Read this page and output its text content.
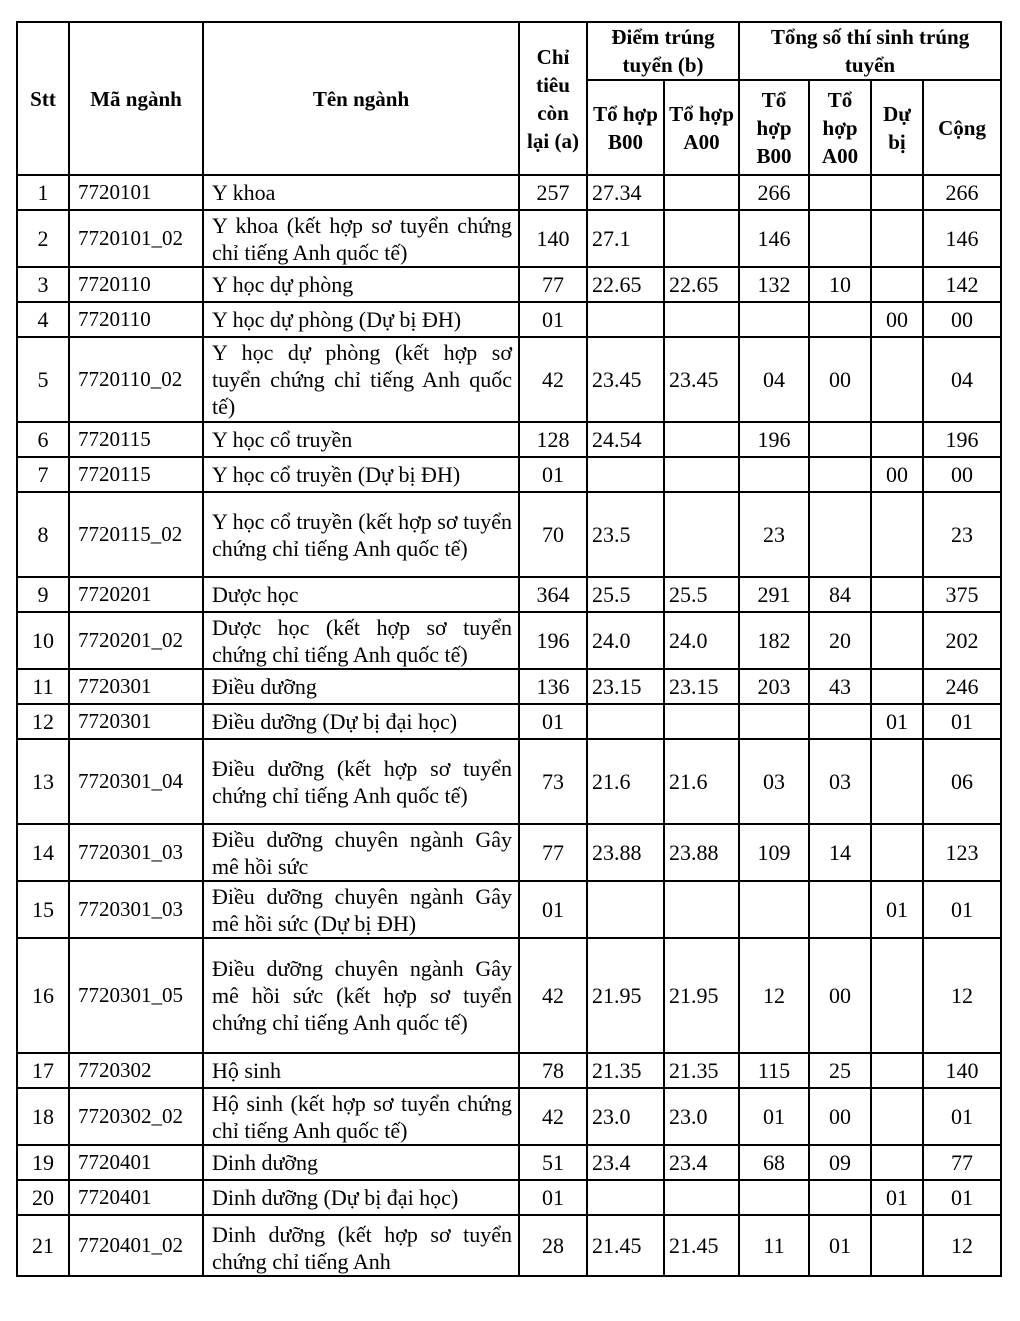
Stt	Mã ngành	Tên ngành	Chỉ tiêu còn lại (a)	Điểm trúng tuyển (b)		Tổng số thí sinh trúng tuyển			
				Tổ hợp B00	Tổ hợp A00	Tổ hợp B00	Tổ hợp A00	Dự bị	Cộng
1	7720101	Y khoa	257	27.34		266			266
2	7720101_02	Y khoa (kết hợp sơ tuyển chứng chỉ tiếng Anh quốc tế)	140	27.1		146			146
3	7720110	Y học dự phòng	77	22.65	22.65	132	10		142
4	7720110	Y học dự phòng (Dự bị ĐH)	01					00	00
5	7720110_02	Y học dự phòng (kết hợp sơ tuyển chứng chỉ tiếng Anh quốc tế)	42	23.45	23.45	04	00		04
6	7720115	Y học cổ truyền	128	24.54		196			196
7	7720115	Y học cổ truyền (Dự bị ĐH)	01					00	00
8	7720115_02	Y học cổ truyền (kết hợp sơ tuyển chứng chỉ tiếng Anh quốc tế)	70	23.5		23			23
9	7720201	Dược học	364	25.5	25.5	291	84		375
10	7720201_02	Dược học (kết hợp sơ tuyển chứng chỉ tiếng Anh quốc tế)	196	24.0	24.0	182	20		202
11	7720301	Điều dưỡng	136	23.15	23.15	203	43		246
12	7720301	Điều dưỡng (Dự bị đại học)	01					01	01
13	7720301_04	Điều dưỡng (kết hợp sơ tuyển chứng chỉ tiếng Anh quốc tế)	73	21.6	21.6	03	03		06
14	7720301_03	Điều dưỡng chuyên ngành Gây mê hồi sức	77	23.88	23.88	109	14		123
15	7720301_03	Điều dưỡng chuyên ngành Gây mê hồi sức (Dự bị ĐH)	01					01	01
16	7720301_05	Điều dưỡng chuyên ngành Gây mê hồi sức (kết hợp sơ tuyển chứng chỉ tiếng Anh quốc tế)	42	21.95	21.95	12	00		12
17	7720302	Hộ sinh	78	21.35	21.35	115	25		140
18	7720302_02	Hộ sinh (kết hợp sơ tuyển chứng chỉ tiếng Anh quốc tế)	42	23.0	23.0	01	00		01
19	7720401	Dinh dưỡng	51	23.4	23.4	68	09		77
20	7720401	Dinh dưỡng (Dự bị đại học)	01					01	01
21	7720401_02	Dinh dưỡng (kết hợp sơ tuyển chứng chỉ tiếng Anh	28	21.45	21.45	11	01		12
